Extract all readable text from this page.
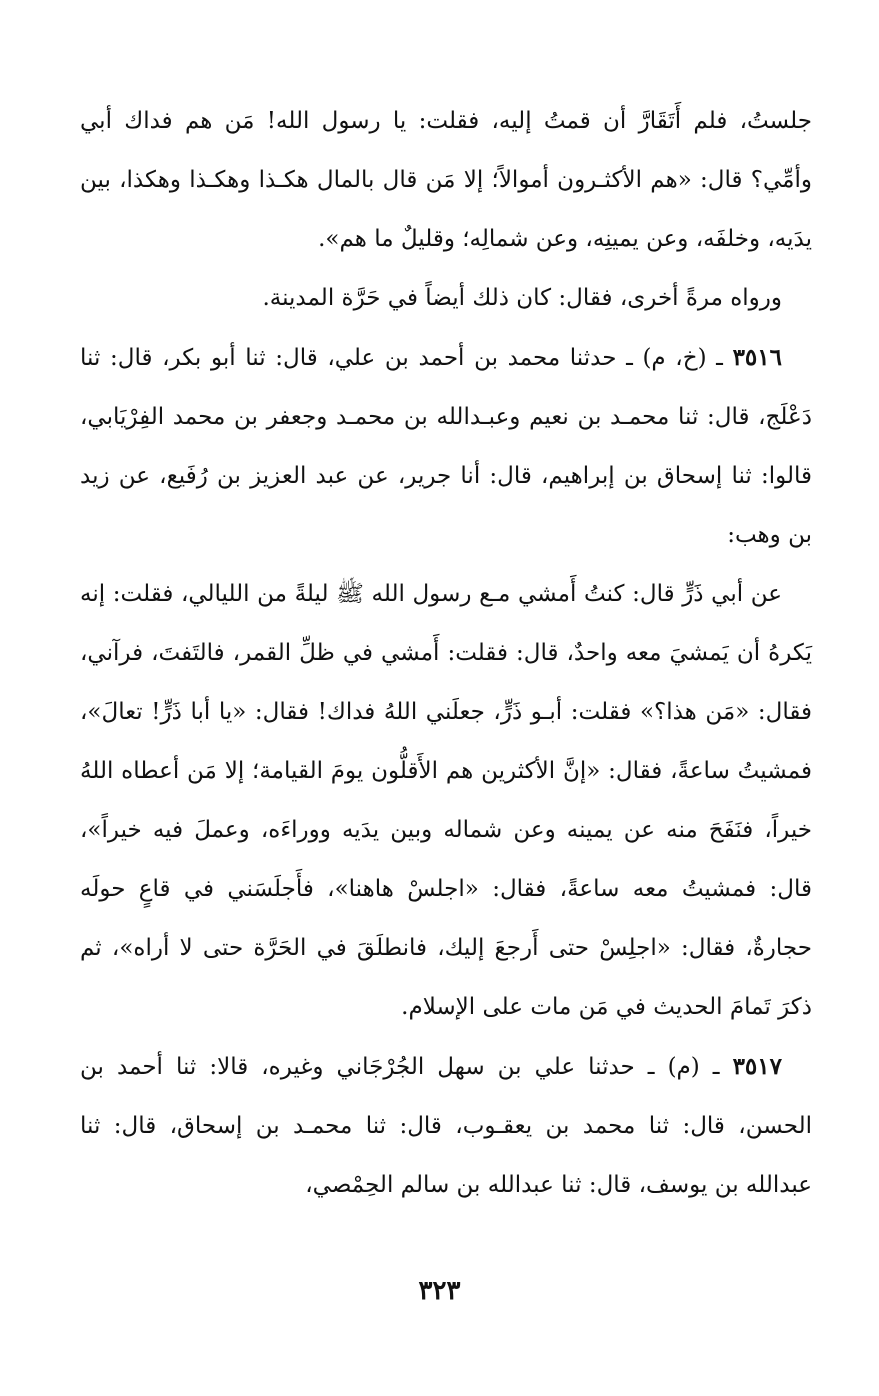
جلستُ، فلم أَتَقَارَّ أن قمتُ إليه، فقلت: يا رسول الله! مَن هم فداك أبي وأمِّي؟ قال: «هم الأكثـرون أموالاً؛ إلا مَن قال بالمال هكـذا وهكـذا وهكذا، بين يدَيه، وخلفَه، وعن يمينِه، وعن شمالِه؛ وقليلٌ ما هم».

ورواه مرةً أخرى، فقال: كان ذلك أيضاً في حَرَّة المدينة.

٣٥١٦ ـ (خ، م) ـ حدثنا محمد بن أحمد بن علي، قال: ثنا أبو بكر، قال: ثنا دَعْلَج، قال: ثنا محمـد بن نعيم وعبـدالله بن محمـد وجعفر بن محمد الفِرْيَابي، قالوا: ثنا إسحاق بن إبراهيم، قال: أنا جرير، عن عبد العزيز بن رُفَيع، عن زيد بن وهب:

عن أبي ذَرٍّ قال: كنتُ أَمشي مـع رسول الله ﷺ ليلةً من الليالي، فقلت: إنه يَكرهُ أن يَمشيَ معه واحدٌ، قال: فقلت: أَمشي في ظلِّ القمر، فالتَفتَ، فرآني، فقال: «مَن هذا؟» فقلت: أبـو ذَرٍّ، جعلَني اللهُ فداك! فقال: «يا أبا ذَرٍّ! تعالَ»، فمشيتُ ساعةً، فقال: «إنَّ الأكثرين هم الأَقلُّون يومَ القيامة؛ إلا مَن أعطاه اللهُ خيراً، فنَفَحَ منه عن يمينه وعن شماله وبين يدَيه ووراءَه، وعملَ فيه خيراً»، قال: فمشيتُ معه ساعةً، فقال: «اجلسْ هاهنا»، فأَجلَسَني في قاعٍ حولَه حجارةٌ، فقال: «اجلِسْ حتى أَرجعَ إليك، فانطلَقَ في الحَرَّة حتى لا أراه»، ثم ذكرَ تَمامَ الحديث في مَن مات على الإسلام.

٣٥١٧ ـ (م) ـ حدثنا علي بن سهل الجُرْجَاني وغيره، قالا: ثنا أحمد بن الحسن، قال: ثنا محمد بن يعقـوب، قال: ثنا محمـد بن إسحاق، قال: ثنا عبدالله بن يوسف، قال: ثنا عبدالله بن سالم الحِمْصي،

٣٢٣
